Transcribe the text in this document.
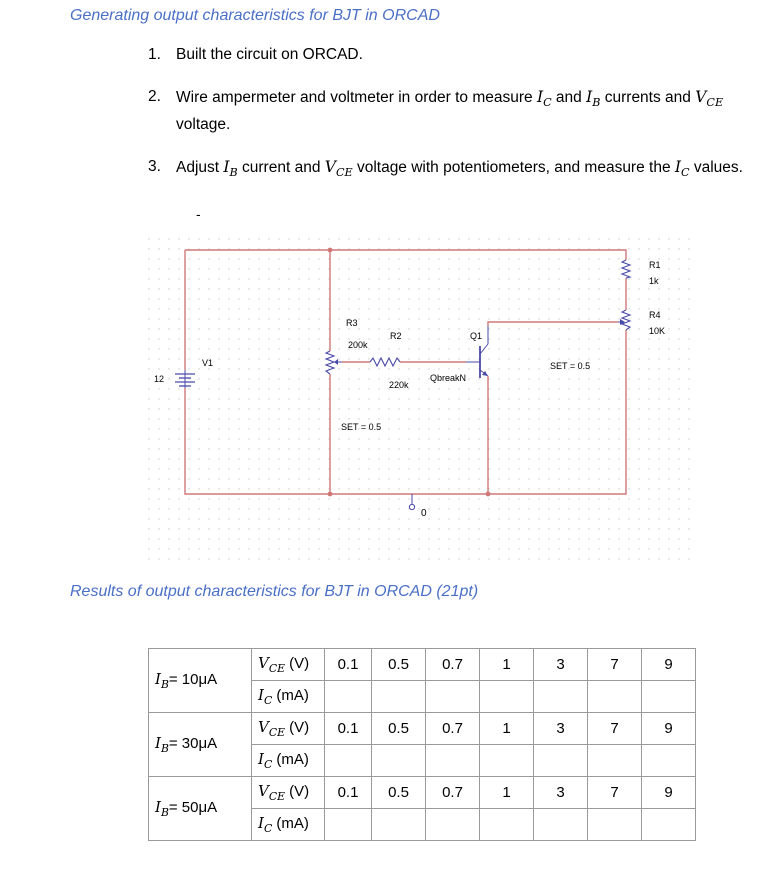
Generating output characteristics for BJT in ORCAD
1. Built the circuit on ORCAD.
2. Wire ampermeter and voltmeter in order to measure $I_C$ and $I_B$ currents and $V_{CE}$ voltage.
3. Adjust $I_B$ current and $V_{CE}$ voltage with potentiometers, and measure the $I_C$ values.
-
V1
12
R3
200k
SET = 0.5
R2
220k
Q1
QbreakN
R1
1k
R4
10K
SET = 0.5
0
Results of output characteristics for BJT in ORCAD (21pt)
$I_B= 10\mu A$	$V_{CE}$ (V)	0.1	0.5	0.7	1	3	7	9
	$I_C$ (mA)							
$I_B= 30\mu A$	$V_{CE}$ (V)	0.1	0.5	0.7	1	3	7	9
	$I_C$ (mA)							
$I_B= 50\mu A$	$V_{CE}$ (V)	0.1	0.5	0.7	1	3	7	9
	$I_C$ (mA)							
